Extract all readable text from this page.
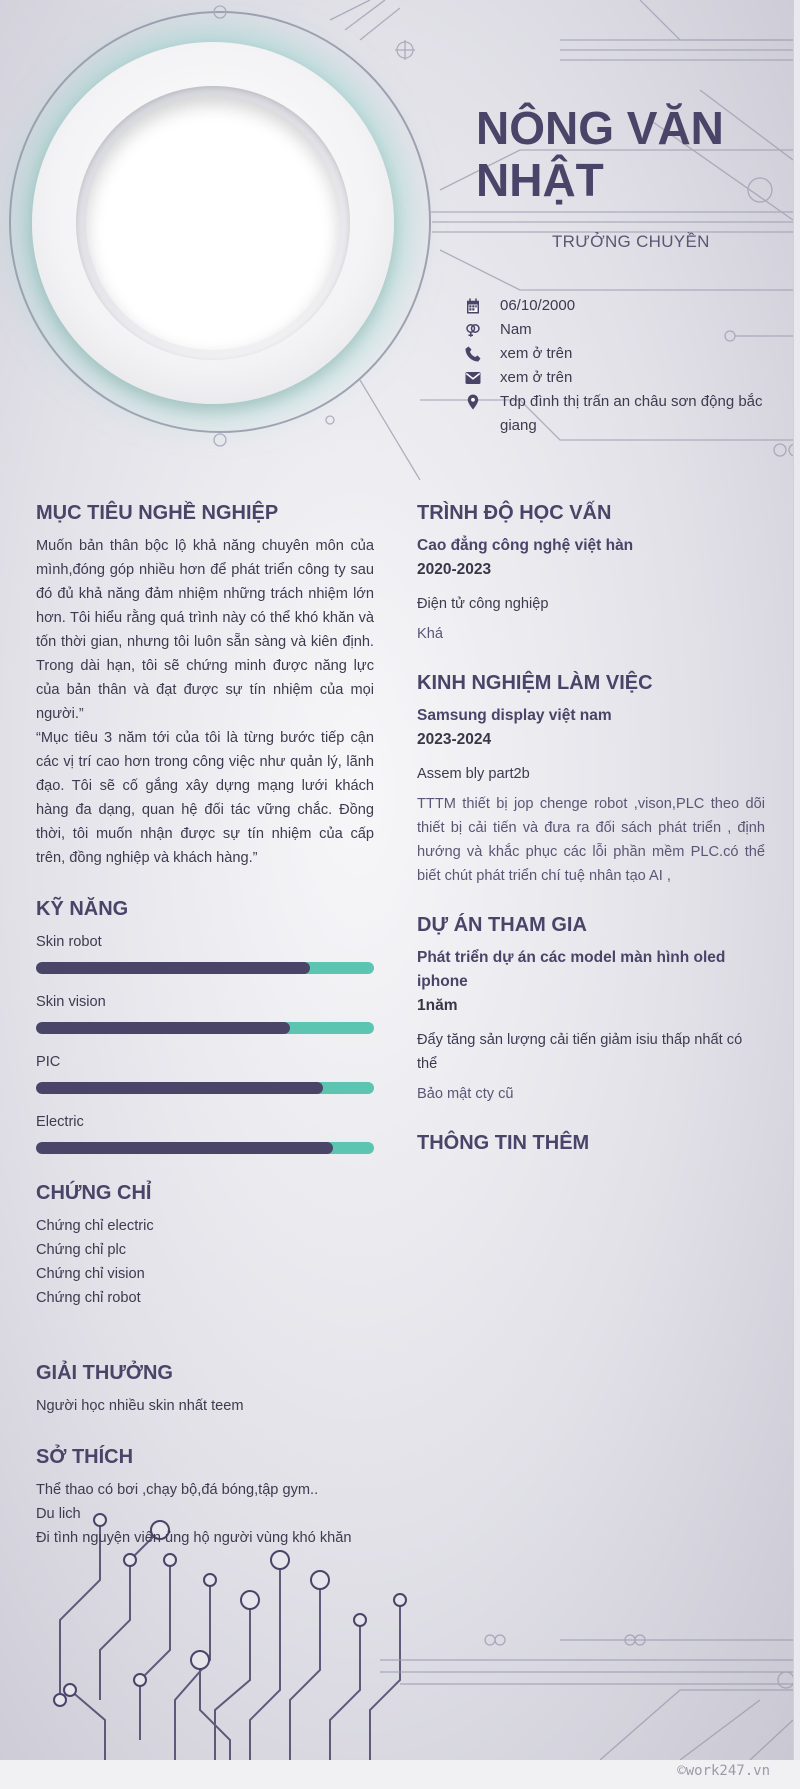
NÔNG VĂN
NHẬT
TRƯỞNG CHUYỀN
06/10/2000
Nam
xem ở trên
xem ở trên
Tdp đình thị trấn an châu sơn động bắc giang
MỤC TIÊU NGHỀ NGHIỆP

Muốn bản thân bộc lộ khả năng chuyên môn của mình,đóng góp nhiều hơn để phát triển công ty sau đó đủ khả năng đảm nhiệm những trách nhiệm lớn hơn. Tôi hiểu rằng quá trình này có thể khó khăn và tốn thời gian, nhưng tôi luôn sẵn sàng và kiên định. Trong dài hạn, tôi sẽ chứng minh được năng lực của bản thân và đạt được sự tín nhiệm của mọi người.”

“Mục tiêu 3 năm tới của tôi là từng bước tiếp cận các vị trí cao hơn trong công việc như quản lý, lãnh đạo. Tôi sẽ cố gắng xây dựng mạng lưới khách hàng đa dạng, quan hệ đối tác vững chắc. Đồng thời, tôi muốn nhận được sự tín nhiệm của cấp trên, đồng nghiệp và khách hàng.”

KỸ NĂNG
Skin robot
Skin vision
PIC
Electric
CHỨNG CHỈ
Chứng chỉ electric
Chứng chỉ plc
Chứng chỉ vision
Chứng chỉ robot
GIẢI THƯỞNG
Người học nhiều skin nhất teem
SỞ THÍCH
Thể thao có bơi ,chạy bộ,đá bóng,tập gym..
Du lich
Đi tình nguyện viên ủng hộ người vùng khó khăn
TRÌNH ĐỘ HỌC VẤN
Cao đẳng công nghệ việt hàn
2020-2023
Điện tử công nghiệp
Khá
KINH NGHIỆM LÀM VIỆC
Samsung display việt nam
2023-2024
Assem bly part2b
TTTM thiết bị jop chenge robot ,vison,PLC theo dõi thiết bị cải tiến và đưa ra đối sách phát triển , định hướng và khắc phục các lỗi phần mềm PLC.có thể biết chút phát triển chí tuệ nhân tạo AI ,
DỰ ÁN THAM GIA
Phát triển dự án các model màn hình oled iphone
1năm
Đẩy tăng sản lượng cải tiến giảm isiu thấp nhất có thể
Bảo mật cty cũ
THÔNG TIN THÊM
©work247.vn
